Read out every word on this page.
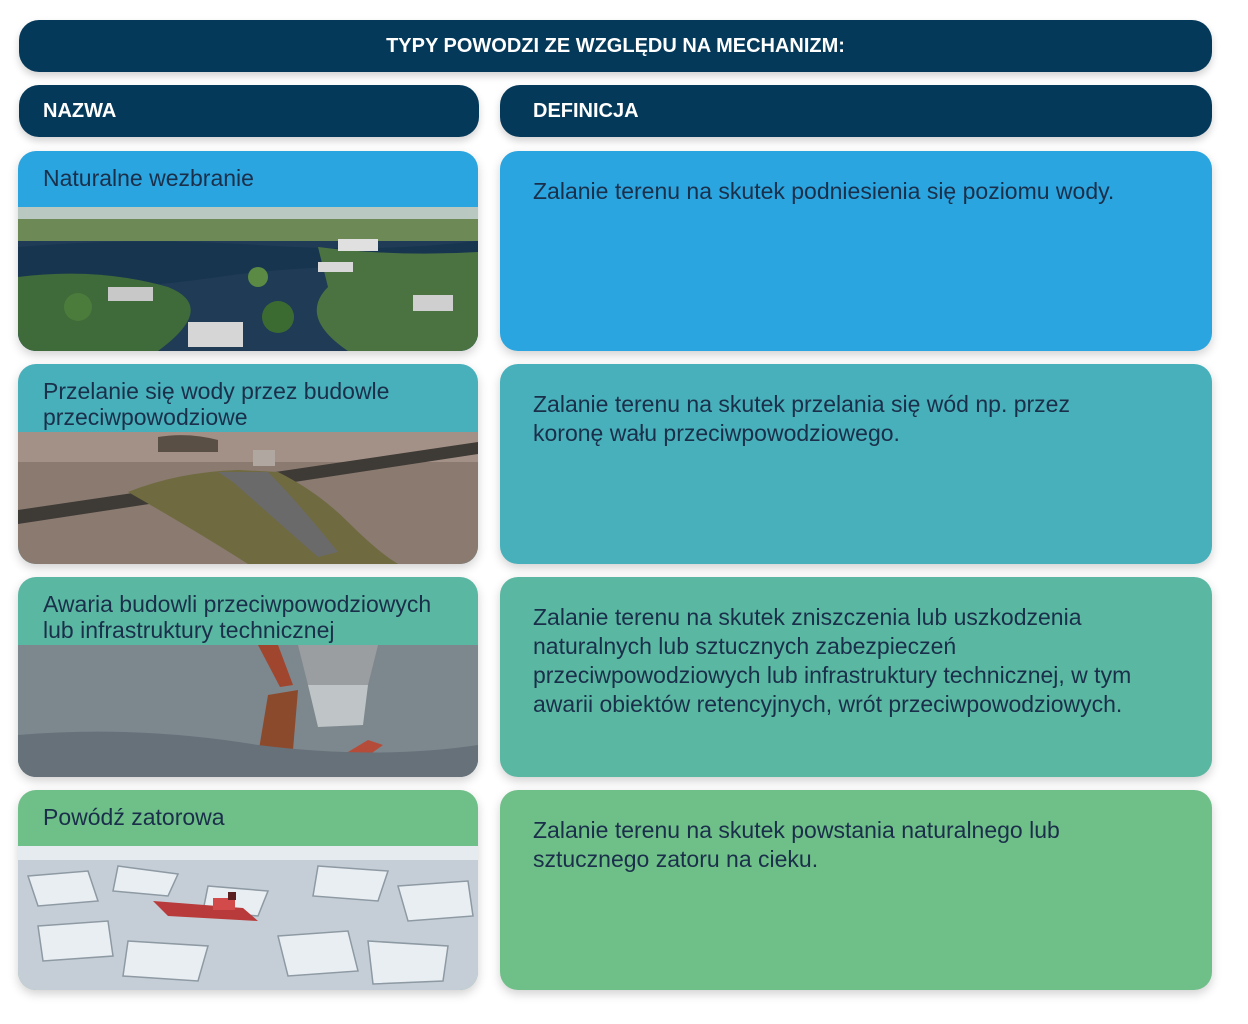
TYPY POWODZI ZE WZGLĘDU NA MECHANIZM:
NAZWA	DEFINICJA
Naturalne wezbranie	Zalanie terenu na skutek podniesienia się poziomu wody.
Przelanie się wody przez budowle przeciwpowodziowe	Zalanie terenu na skutek przelania się wód np. przez koronę wału przeciwpowodziowego.
Awaria budowli przeciwpowodziowych lub infrastruktury technicznej	Zalanie terenu na skutek zniszczenia lub uszkodzenia naturalnych lub sztucznych zabezpieczeń przeciwpowodziowych lub infrastruktury technicznej, w tym awarii obiektów retencyjnych, wrót przeciwpowodziowych.
Powódź zatorowa	Zalanie terenu na skutek powstania naturalnego lub sztucznego zatoru na cieku.
